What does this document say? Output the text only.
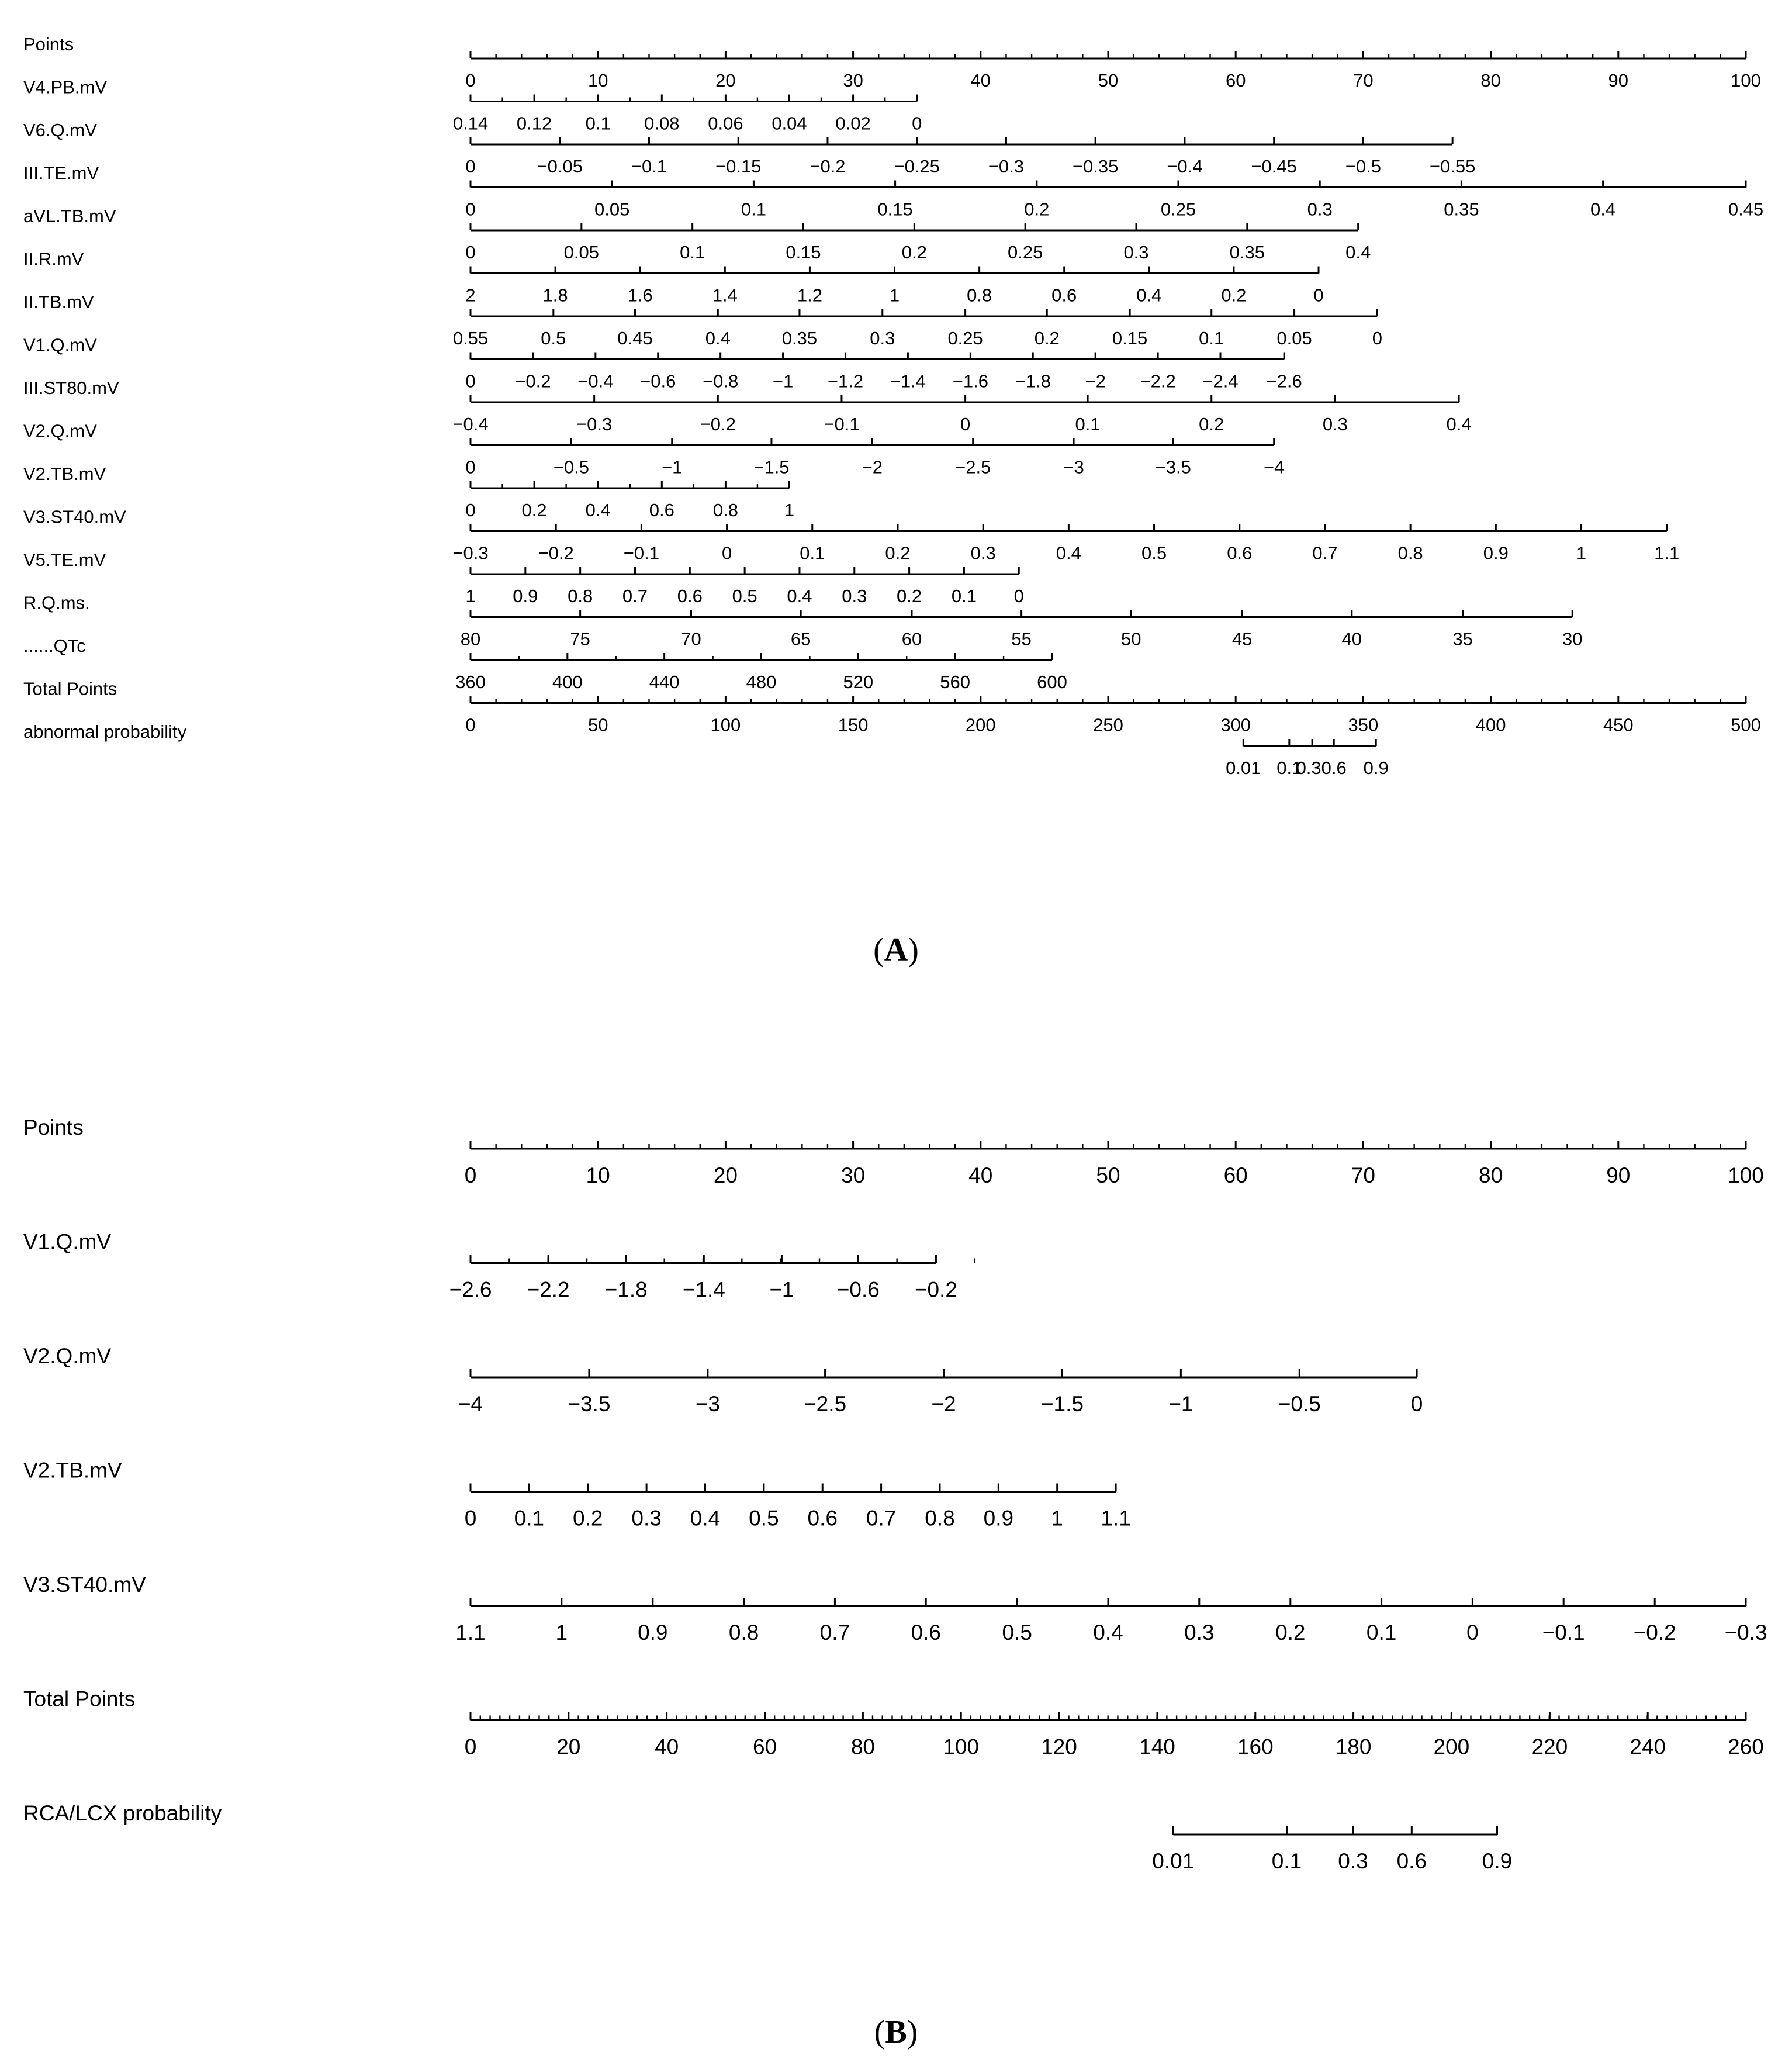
Points
0	10	20	30	40	50	60	70	80	90	100
V4.PB.mV
0.14 0.12 0.1 0.08 0.06 0.04 0.02 0
V6.Q.mV
0	−0.05	−0.1	−0.15	−0.2	−0.25	−0.3	−0.35	−0.4	−0.45	−0.5	−0.55
III.TE.mV
0	0.05	0.1	0.15	0.2	0.25	0.3	0.35	0.4	0.45
aVL.TB.mV
0	0.05	0.1	0.15	0.2	0.25	0.3	0.35	0.4
II.R.mV
2	1.8	1.6	1.4	1.2	1	0.8	0.6	0.4	0.2	0
II.TB.mV
0.55	0.5	0.45	0.4	0.35	0.3	0.25	0.2	0.15	0.1	0.05	0
V1.Q.mV
0 −0.2 −0.4 −0.6 −0.8 −1 −1.2 −1.4 −1.6 −1.8 −2 −2.2 −2.4 −2.6
III.ST80.mV
−0.4	−0.3	−0.2	−0.1	0	0.1	0.2	0.3	0.4
V2.Q.mV
0	−0.5	−1	−1.5	−2	−2.5	−3	−3.5	−4
V2.TB.mV
0	0.2 0.4 0.6 0.8	1
V3.ST40.mV
−0.3	−0.2	−0.1	0	0.1	0.2	0.3	0.4	0.5	0.6	0.7	0.8	0.9	1	1.1
V5.TE.mV
1 0.9 0.8 0.7 0.6 0.5 0.4 0.3 0.2 0.1 0
R.Q.ms.
80	75	70	65	60	55	50	45	40	35	30
......QTc
360	400	440	480	520	560	600
Total Points
0	50	100	150	200	250	300	350	400	450	500
abnormal probability
0.01 0.1
0.3 0.6 0.9
Points
0	10	20	30	40	50	60	70	80	90	100
V1.Q.mV
−2.6 −2.2 −1.8 −1.4 −1 −0.6 −0.2
V2.Q.mV
−4	−3.5	−3	−2.5	−2	−1.5	−1	−0.5	0
V2.TB.mV
0 0.1 0.2 0.3 0.4 0.5 0.6 0.7 0.8 0.9 1 1.1
V3.ST40.mV
1.1	1	0.9	0.8	0.7	0.6	0.5	0.4	0.3	0.2	0.1	0	−0.1 −0.2 −0.3
Total Points
0	20	40	60	80	100	120	140	160	180	200	220	240	260
RCA/LCX probability
0.01	0.1 0.3 0.6	0.9
(A)
(B)
